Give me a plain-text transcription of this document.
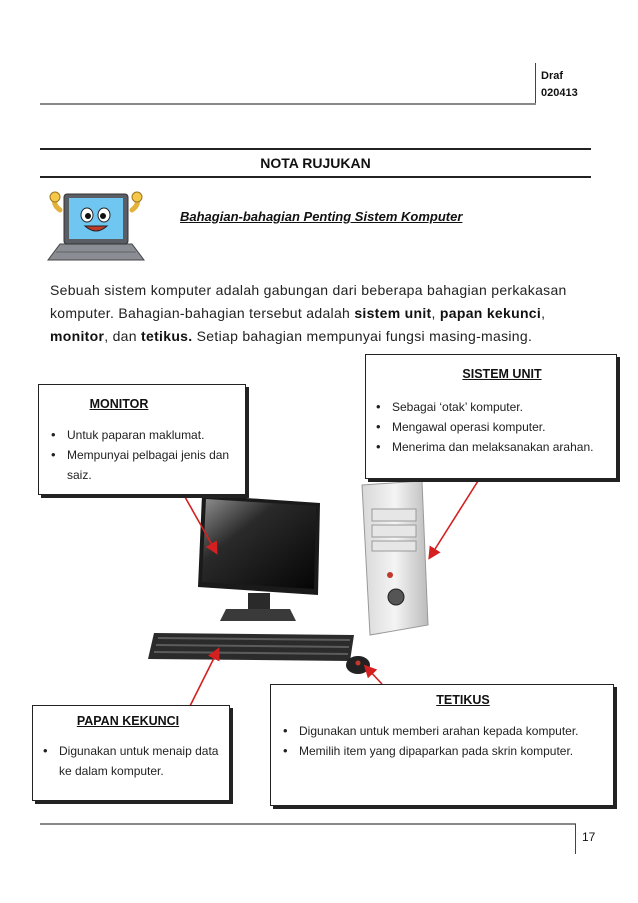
Draf
020413
NOTA RUJUKAN
Bahagian-bahagian Penting Sistem Komputer
Sebuah sistem komputer adalah gabungan dari beberapa bahagian perkakasan komputer. Bahagian-bahagian tersebut adalah sistem unit, papan kekunci, monitor, dan tetikus. Setiap bahagian mempunyai fungsi masing-masing.
MONITOR
• Untuk paparan maklumat.
• Mempunyai pelbagai jenis dan saiz.
SISTEM UNIT
• Sebagai ‘otak’ komputer.
• Mengawal operasi komputer.
• Menerima dan melaksanakan arahan.
PAPAN KEKUNCI
• Digunakan untuk menaip data ke dalam komputer.
TETIKUS
• Digunakan untuk memberi arahan kepada komputer.
• Memilih item yang dipaparkan pada skrin komputer.
17
